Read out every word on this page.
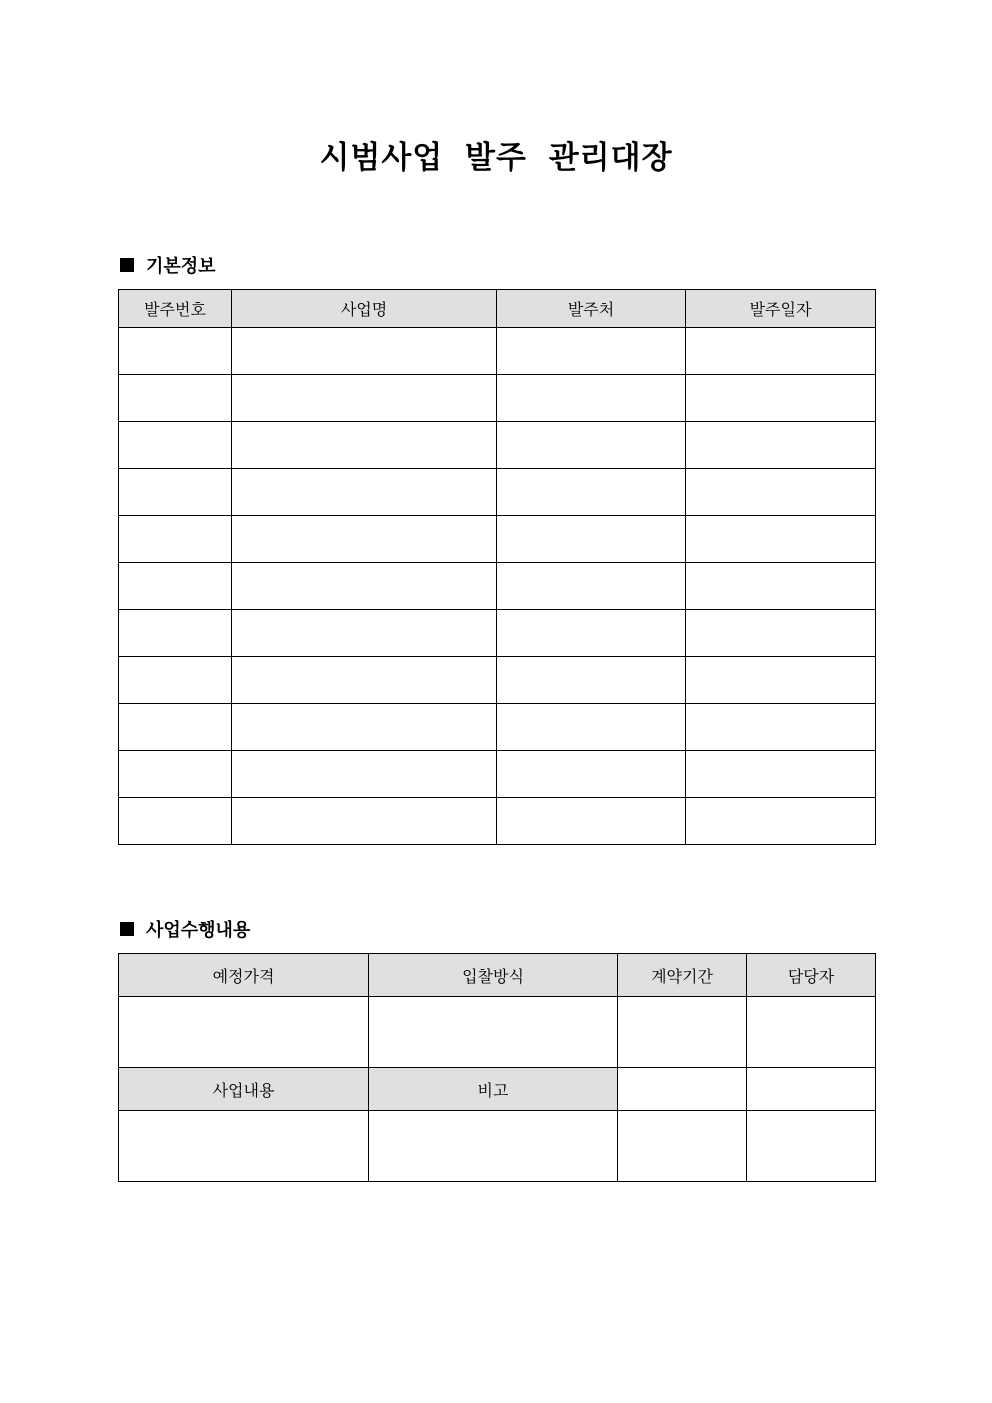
시범사업 발주 관리대장
기본정보
발주번호	사업명	발주처	발주일자

사업수행내용
예정가격	입찰방식	계약기간	담당자

사업내용	비고		
